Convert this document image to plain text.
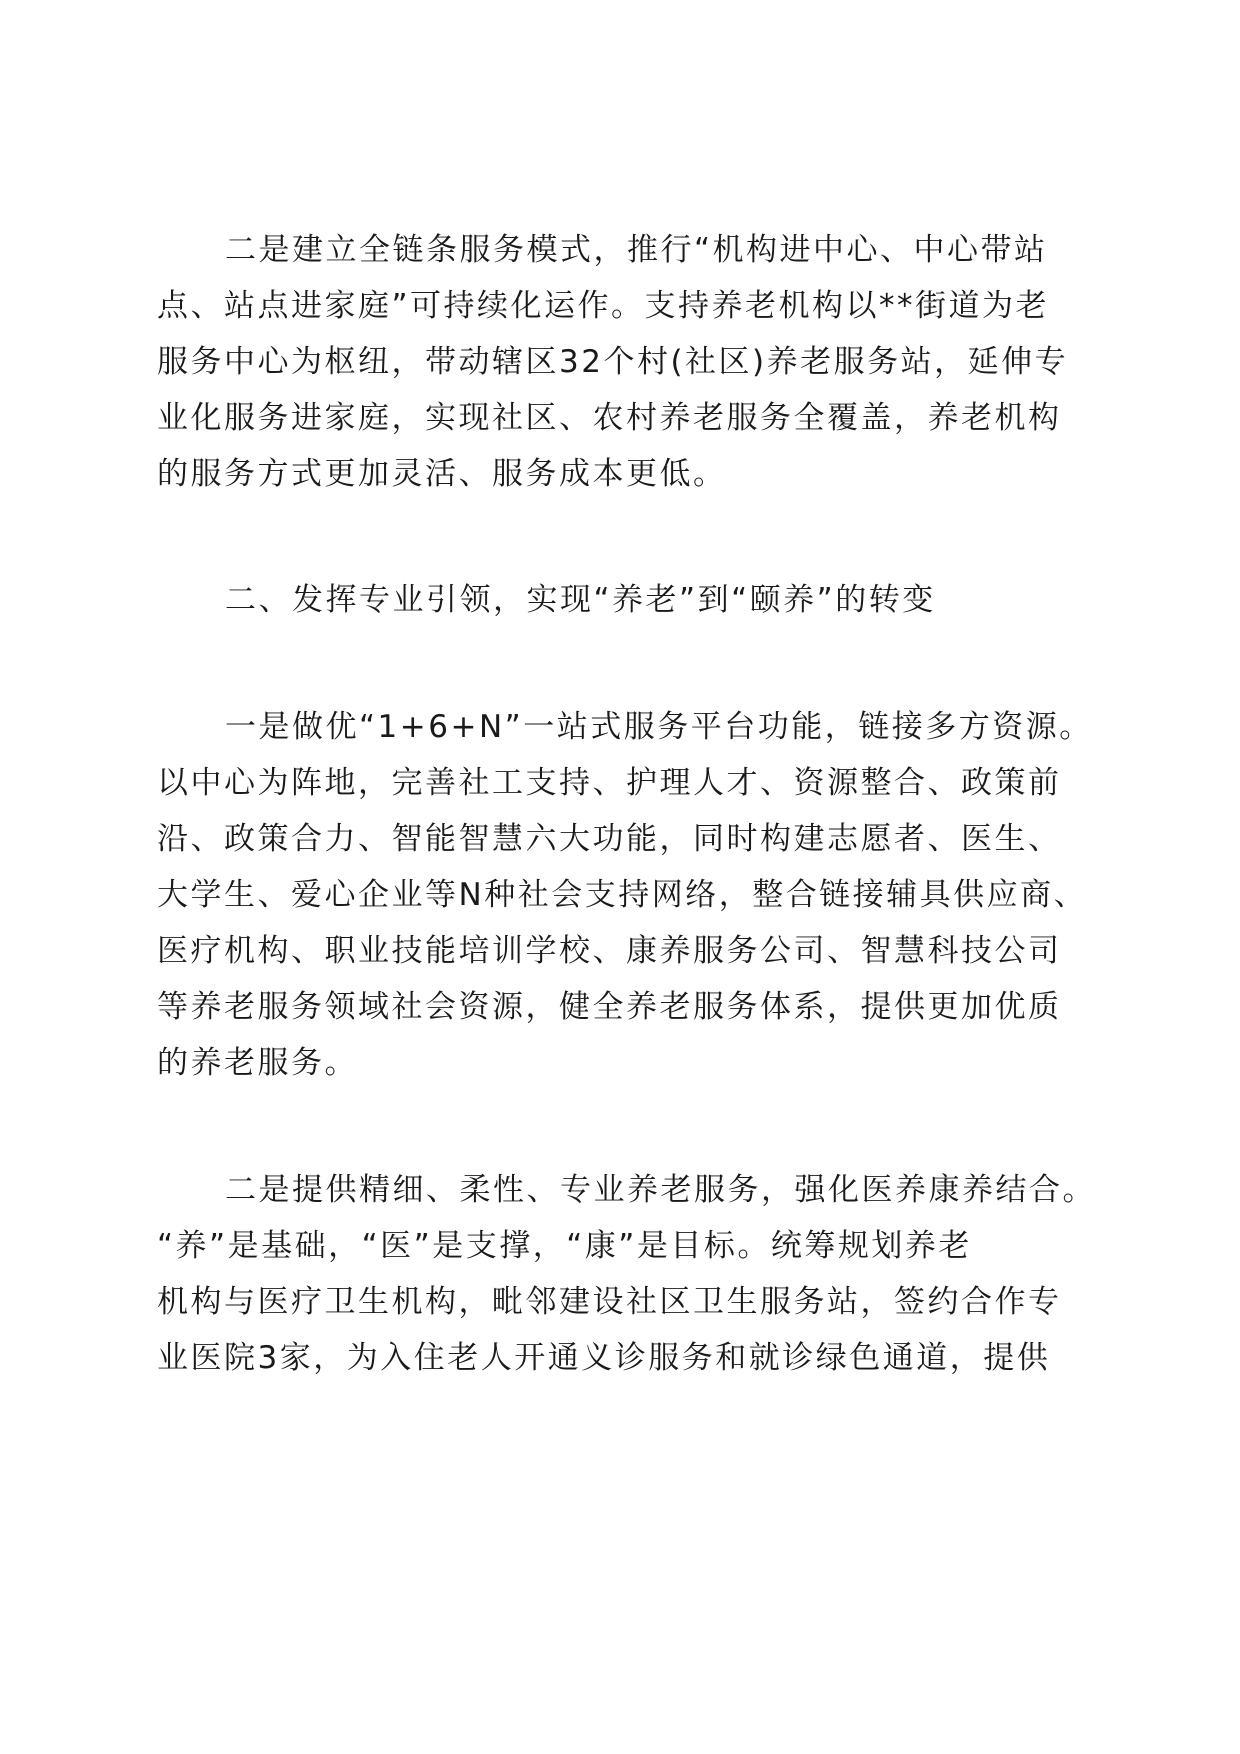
二是建立全链条服务模式，推行“机构进中心、中心带站

点、站点进家庭”可持续化运作。支持养老机构以**街道为老

服务中心为枢纽，带动辖区32个村(社区)养老服务站，延伸专

业化服务进家庭，实现社区、农村养老服务全覆盖，养老机构

的服务方式更加灵活、服务成本更低。

二、发挥专业引领，实现“养老”到“颐养”的转变

一是做优“1+6+N”一站式服务平台功能，链接多方资源。

以中心为阵地，完善社工支持、护理人才、资源整合、政策前

沿、政策合力、智能智慧六大功能，同时构建志愿者、医生、

大学生、爱心企业等N种社会支持网络，整合链接辅具供应商、

医疗机构、职业技能培训学校、康养服务公司、智慧科技公司

等养老服务领域社会资源，健全养老服务体系，提供更加优质

的养老服务。

二是提供精细、柔性、专业养老服务，强化医养康养结合。

“养”是基础，“医”是支撑，“康”是目标。统筹规划养老

机构与医疗卫生机构，毗邻建设社区卫生服务站，签约合作专

业医院3家，为入住老人开通义诊服务和就诊绿色通道，提供
